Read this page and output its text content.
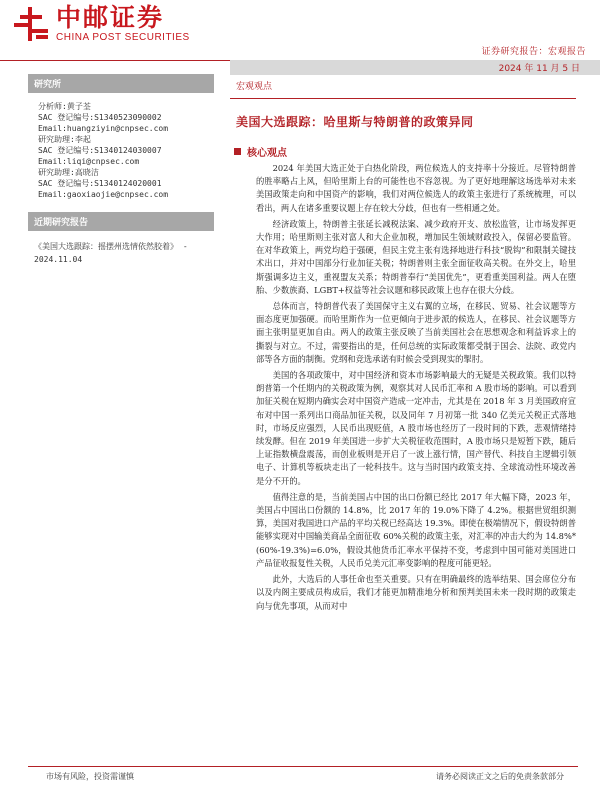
中邮证券
CHINA POST SECURITIES
证券研究报告：宏观报告
2024 年 11 月 5 日
研究所
分析师:黄子荃
SAC 登记编号:S1340523090002
Email:huangziyin@cnpsec.com
研究助理:李起
SAC 登记编号:S1340124030007
Email:liqi@cnpsec.com
研究助理:高晓洁
SAC 登记编号:S1340124020001
Email:gaoxiaojie@cnpsec.com
近期研究报告
《美国大选跟踪：摇摆州选情依然胶着》 - 2024.11.04
宏观观点
美国大选跟踪：哈里斯与特朗普的政策异同
核心观点

2024 年美国大选正处于白热化阶段，两位候选人的支持率十分接近。尽管特朗普的胜率略占上风，但哈里斯上台的可能性也不容忽视。为了更好地理解这场选举对未来美国政策走向和中国资产的影响，我们对两位候选人的政策主张进行了系统梳理，可以看出，两人在诸多重要议题上存在较大分歧，但也有一些相通之处。

经济政策上，特朗普主张延长减税法案、减少政府开支、放松监管，让市场发挥更大作用；哈里斯则主张对富人和大企业加税，增加民生领域财政投入，保留必要监管。在对华政策上，两党均趋于强硬，但民主党主张有选择地进行科技“脱钩”和限制关键技术出口，并对中国部分行业加征关税；特朗普则主张全面征收高关税。在外交上，哈里斯强调多边主义，重视盟友关系；特朗普奉行“美国优先”，更看重美国利益。两人在堕胎、少数族裔、LGBT+权益等社会议题和移民政策上也存在很大分歧。

总体而言，特朗普代表了美国保守主义右翼的立场，在移民、贸易、社会议题等方面态度更加强硬。而哈里斯作为一位更倾向于进步派的候选人，在移民、社会议题等方面主张明显更加自由。两人的政策主张反映了当前美国社会在思想观念和利益诉求上的撕裂与对立。不过，需要指出的是，任何总统的实际政策都受制于国会、法院、政党内部等各方面的制衡。党纲和竞选承诺有时候会受到现实的掣肘。

美国的各项政策中，对中国经济和资本市场影响最大的无疑是关税政策。我们以特朗普第一个任期内的关税政策为例，观察其对人民币汇率和 A 股市场的影响。可以看到加征关税在短期内确实会对中国资产造成一定冲击，尤其是在 2018 年 3 月美国政府宣布对中国一系列出口商品加征关税，以及同年 7 月初第一批 340 亿美元关税正式落地时，市场反应强烈，人民币出现贬值，A 股市场也经历了一段时间的下跌，悲观情绪持续发酵。但在 2019 年美国进一步扩大关税征收范围时，A 股市场只是短暂下跌，随后上证指数横盘震荡，而创业板则是开启了一波上涨行情，国产替代、科技自主逻辑引领电子、计算机等板块走出了一轮科技牛。这与当时国内政策支持、全球流动性环境改善是分不开的。

值得注意的是，当前美国占中国的出口份额已经比 2017 年大幅下降，2023 年，美国占中国出口份额的 14.8%，比 2017 年的 19.0%下降了 4.2%。根据世贸组织测算，美国对我国进口产品的平均关税已经高达 19.3%。即使在极端情况下，假设特朗普能够实现对中国输美商品全面征收 60%关税的政策主张，对汇率的冲击大约为 14.8%*(60%-19.3%)=6.0%，假设其他货币汇率水平保持不变，考虑到中国可能对美国进口产品征收报复性关税，人民币兑美元汇率变影响的程度可能更轻。

此外，大选后的人事任命也至关重要。只有在明确最终的选举结果、国会席位分布以及内阁主要成员构成后，我们才能更加精准地分析和预判美国未来一段时期的政策走向与优先事项，从而对中

市场有风险，投资需谨慎	请务必阅读正文之后的免责条款部分
